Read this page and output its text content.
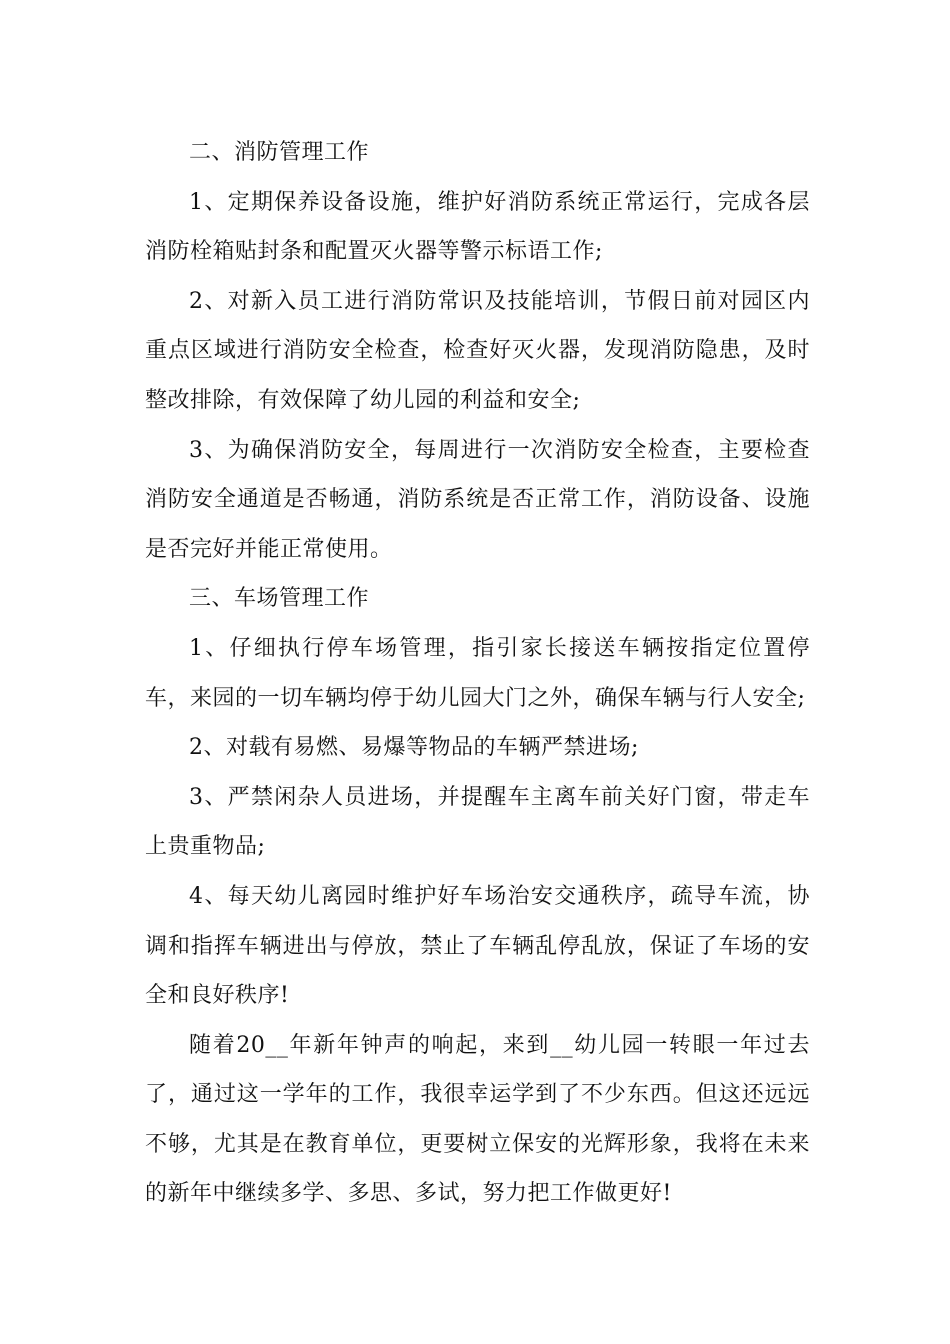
二、消防管理工作

1、定期保养设备设施，维护好消防系统正常运行，完成各层消防栓箱贴封条和配置灭火器等警示标语工作;

2、对新入员工进行消防常识及技能培训，节假日前对园区内重点区域进行消防安全检查，检查好灭火器，发现消防隐患，及时整改排除，有效保障了幼儿园的利益和安全;

3、为确保消防安全，每周进行一次消防安全检查，主要检查消防安全通道是否畅通，消防系统是否正常工作，消防设备、设施是否完好并能正常使用。

三、车场管理工作

1、仔细执行停车场管理，指引家长接送车辆按指定位置停车，来园的一切车辆均停于幼儿园大门之外，确保车辆与行人安全;

2、对载有易燃、易爆等物品的车辆严禁进场;

3、严禁闲杂人员进场，并提醒车主离车前关好门窗，带走车上贵重物品;

4、每天幼儿离园时维护好车场治安交通秩序，疏导车流，协调和指挥车辆进出与停放，禁止了车辆乱停乱放，保证了车场的安全和良好秩序!

随着20__年新年钟声的响起，来到__幼儿园一转眼一年过去了，通过这一学年的工作，我很幸运学到了不少东西。但这还远远不够，尤其是在教育单位，更要树立保安的光辉形象，我将在未来的新年中继续多学、多思、多试，努力把工作做更好!
